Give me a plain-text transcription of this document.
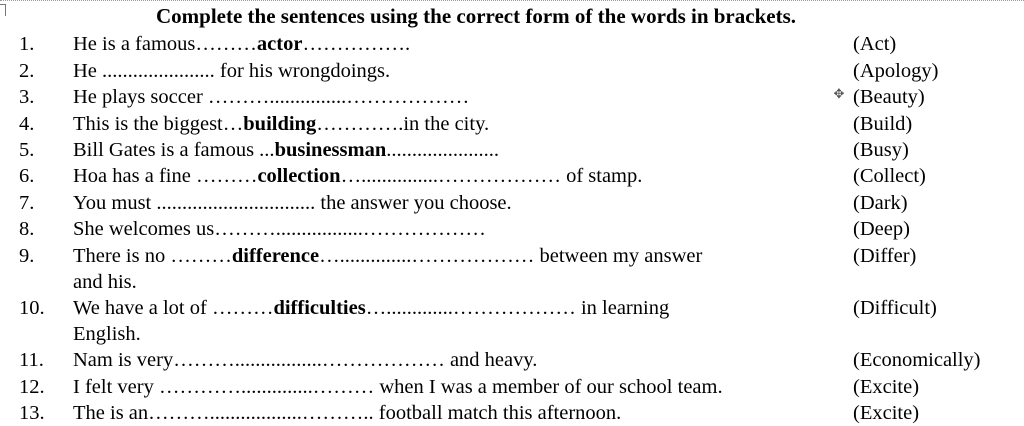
Complete the sentences using the correct form of the words in brackets.
✥
1. He is a famous………actor…………….	(Act)
2. He ...................... for his wrongdoings.	(Apology)
3. He plays soccer ………...............………………	(Beauty)
4. This is the biggest…building………….in the city.	(Build)
5. Bill Gates is a famous ...businessman......................	(Busy)
6. Hoa has a fine ………collection…...............……………… of stamp.	(Collect)
7. You must ............................... the answer you choose.	(Dark)
8. She welcomes us……….................………………	(Deep)
9. There is no ………difference…..............……………… between my answer	(Differ)
and his.
10. We have a lot of ………difficulties….............……………… in learning	(Difficult)
English.
11. Nam is very……….................……………… and heavy.	(Economically)
12. I felt very …………..............……… when I was a member of our school team.	(Excite)
13. The is an………..................……….. football match this afternoon.	(Excite)
